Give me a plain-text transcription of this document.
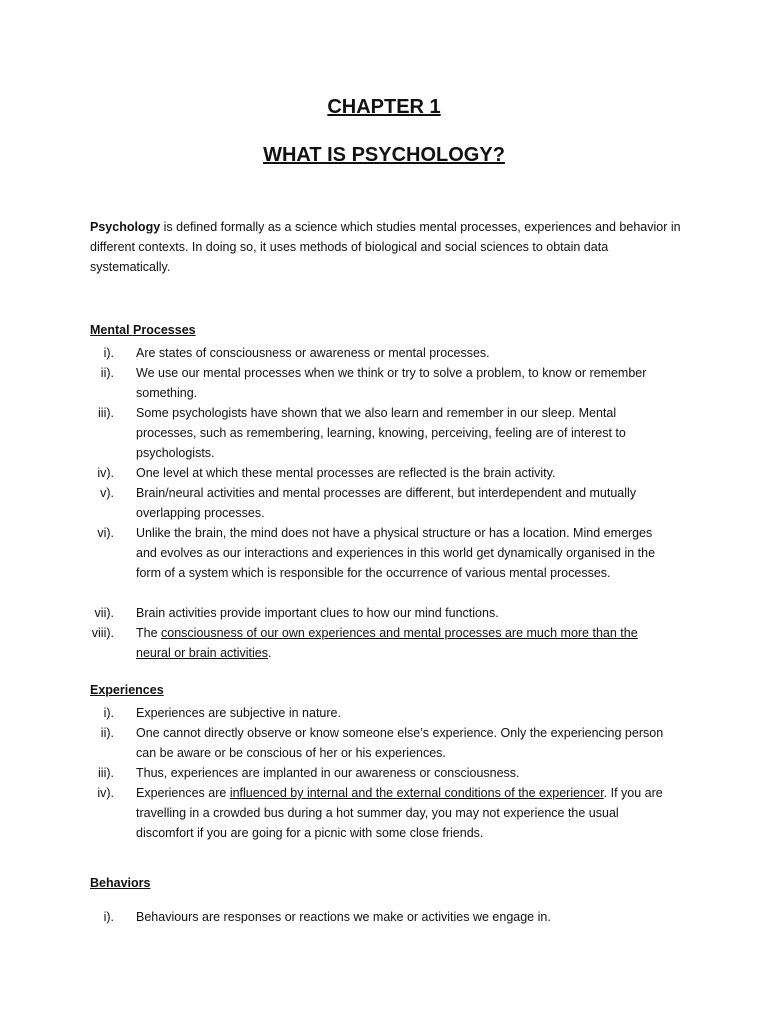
CHAPTER 1
WHAT IS PSYCHOLOGY?
Psychology is defined formally as a science which studies mental processes, experiences and behavior in
different contexts. In doing so, it uses methods of biological and social sciences to obtain data
systematically.
Mental Processes
i). Are states of consciousness or awareness or mental processes.
ii). We use our mental processes when we think or try to solve a problem, to know or remember something.
iii). Some psychologists have shown that we also learn and remember in our sleep. Mental processes, such as remembering, learning, knowing, perceiving, feeling are of interest to psychologists.
iv). One level at which these mental processes are reflected is the brain activity.
v). Brain/neural activities and mental processes are different, but interdependent and mutually overlapping processes.
vi). Unlike the brain, the mind does not have a physical structure or has a location. Mind emerges and evolves as our interactions and experiences in this world get dynamically organised in the form of a system which is responsible for the occurrence of various mental processes.
vii). Brain activities provide important clues to how our mind functions.
viii). The consciousness of our own experiences and mental processes are much more than the neural or brain activities.
Experiences
i). Experiences are subjective in nature.
ii). One cannot directly observe or know someone else’s experience. Only the experiencing person can be aware or be conscious of her or his experiences.
iii). Thus, experiences are implanted in our awareness or consciousness.
iv). Experiences are influenced by internal and the external conditions of the experiencer. If you are travelling in a crowded bus during a hot summer day, you may not experience the usual discomfort if you are going for a picnic with some close friends.
Behaviors
i). Behaviours are responses or reactions we make or activities we engage in.
